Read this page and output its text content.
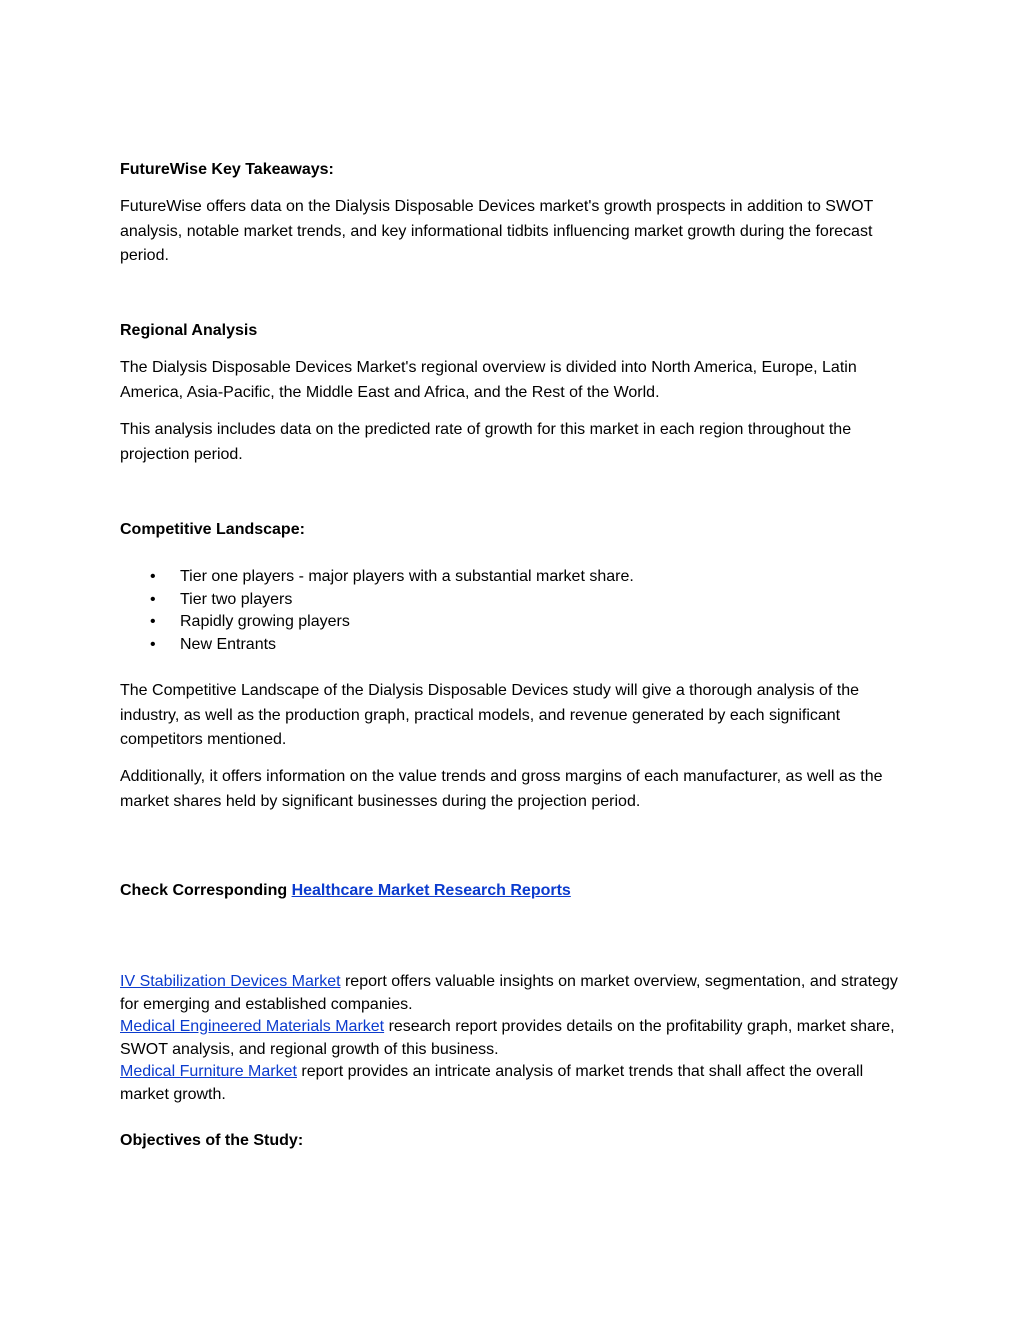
FutureWise Key Takeaways:

FutureWise offers data on the Dialysis Disposable Devices market's growth prospects in addition to SWOT analysis, notable market trends, and key informational tidbits influencing market growth during the forecast period.

Regional Analysis

The Dialysis Disposable Devices Market's regional overview is divided into North America, Europe, Latin America, Asia-Pacific, the Middle East and Africa, and the Rest of the World.

This analysis includes data on the predicted rate of growth for this market in each region throughout the projection period.

Competitive Landscape:

• Tier one players - major players with a substantial market share.
• Tier two players
• Rapidly growing players
• New Entrants

The Competitive Landscape of the Dialysis Disposable Devices study will give a thorough analysis of the industry, as well as the production graph, practical models, and revenue generated by each significant competitors mentioned.

Additionally, it offers information on the value trends and gross margins of each manufacturer, as well as the market shares held by significant businesses during the projection period.

Check Corresponding Healthcare Market Research Reports

IV Stabilization Devices Market report offers valuable insights on market overview, segmentation, and strategy for emerging and established companies.
Medical Engineered Materials Market research report provides details on the profitability graph, market share, SWOT analysis, and regional growth of this business.
Medical Furniture Market report provides an intricate analysis of market trends that shall affect the overall market growth.

Objectives of the Study:
